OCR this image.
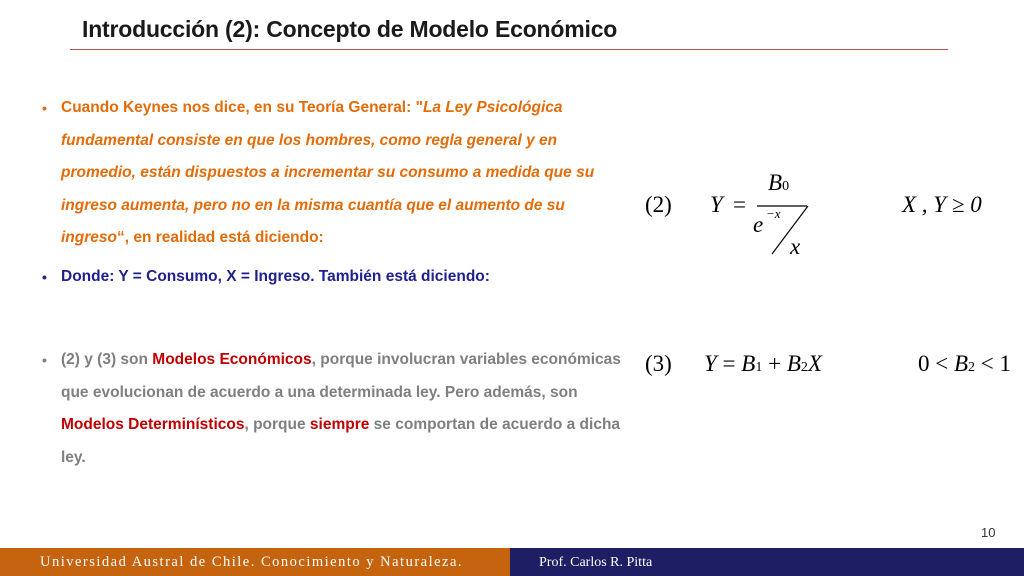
Introducción (2): Concepto de Modelo Económico
• Cuando Keynes nos dice, en su Teoría General: "La Ley Psicológica fundamental consiste en que los hombres, como regla general y en promedio, están dispuestos a incrementar su consumo a medida que su ingreso aumenta, pero no en la misma cuantía que el aumento de su ingreso“, en realidad está diciendo:
• Donde: Y = Consumo, X = Ingreso. También está diciendo:
• (2) y (3) son Modelos Económicos, porque involucran variables económicas que evolucionan de acuerdo a una determinada ley. Pero además, son Modelos Determinísticos, porque siempre se comportan de acuerdo a dicha ley.
(2) Y =
B0
e −x
x
X , Y ≥ 0
(3) Y = B1 + B2X	0 < B2 < 1
10
Universidad Austral de Chile. Conocimiento y Naturaleza.	Prof. Carlos R. Pitta
